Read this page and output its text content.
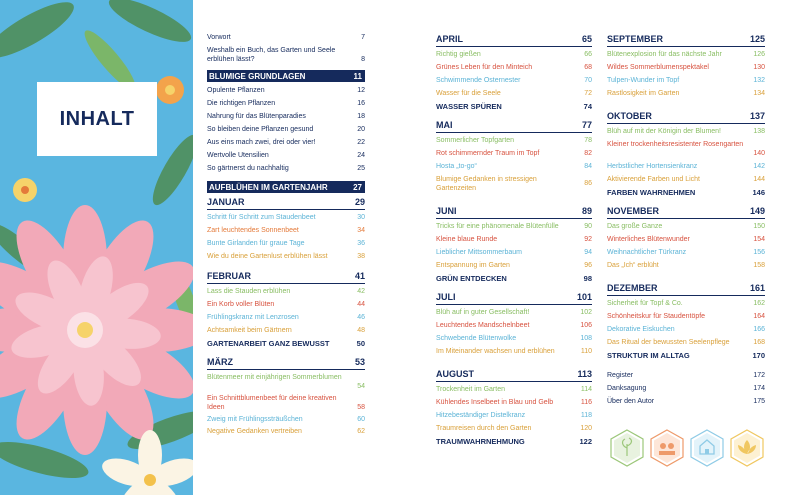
INHALT
Vorwort	7
Weshalb ein Buch, das Garten und Seele erblühen lässt?	8
BLUMIGE GRUNDLAGEN	11
Opulente Pflanzen	12
Die richtigen Pflanzen	16
Nahrung für das Blütenparadies	18
So bleiben deine Pflanzen gesund	20
Aus eins mach zwei, drei oder vier!	22
Wertvolle Utensilien	24
So gärtnerst du nachhaltig	25
AUFBLÜHEN IM GARTENJAHR	27
JANUAR	29
Schritt für Schritt zum Staudenbeet	30
Zart leuchtendes Sonnenbeet	34
Bunte Girlanden für graue Tage	36
Wie du deine Gartenlust erblühen lässt	38
FEBRUAR	41
Lass die Stauden erblühen	42
Ein Korb voller Blüten	44
Frühlingskranz mit Lenzrosen	46
Achtsamkeit beim Gärtnern	48
GARTENARBEIT GANZ BEWUSST	50
MÄRZ	53
Blütenmeer mit einjährigen Sommerblumen
54
Ein Schnittblumenbeet für deine kreativen Ideen	58
Zweig mit Frühlingssträußchen	60
Negative Gedanken vertreiben	62
APRIL	65
Richtig gießen	66
Grünes Leben für den Minteich	68
Schwimmende Osternester	70
Wasser für die Seele	72
WASSER SPÜREN	74
MAI	77
Sommerlicher Topfgarten	78
Rot schimmernder Traum im Topf	82
Hosta „to-go“	84
Blumige Gedanken in stressigen Gartenzeiten
86
JUNI	89
Tricks für eine phänomenale Blütenfülle	90
Kleine blaue Runde	92
Lieblicher Mittsommerbaum	94
Entspannung im Garten	96
GRÜN ENTDECKEN	98
JULI	101
Blüh auf in guter Gesellschaft!	102
Leuchtendes Mandschelnbeet	106
Schwebende Blütenwolke	108
Im Miteinander wachsen und erblühen	110
AUGUST	113
Trockenheit im Garten	114
Kühlendes Inselbeet in Blau und Gelb	116
Hitzebeständiger Distelkranz	118
Traumreisen durch den Garten	120
TRAUMWAHRNEHMUNG	122
SEPTEMBER	125
Blütenexplosion für das nächste Jahr	126
Wildes Sommerblumenspektakel	130
Tulpen-Wunder im Topf	132
Rastlosigkeit im Garten	134
OKTOBER	137
Blüh auf mit der Königin der Blumen!	138
Kleiner trockenheitsresistenter Rosengarten
140
Herbstlicher Hortensienkranz	142
Aktivierende Farben und Licht	144
FARBEN WAHRNEHMEN	146
NOVEMBER	149
Das große Ganze	150
Winterliches Blütenwunder	154
Weihnachtlicher Türkranz	156
Das „Ich“ erblüht	158
DEZEMBER	161
Sicherheit für Topf & Co.	162
Schönheitskur für Staudentöpfe	164
Dekorative Eiskuchen	166
Das Ritual der bewussten Seelenpflege	168
STRUKTUR IM ALLTAG	170
Register	172
Danksagung	174
Über den Autor	175
